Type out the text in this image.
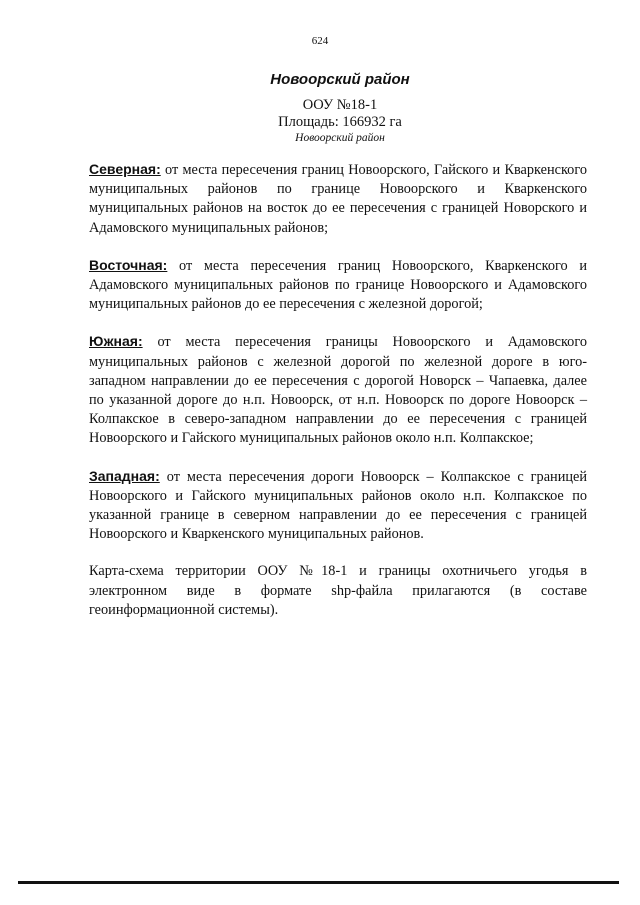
624
Новоорский район
ООУ №18-1
Площадь: 166932 га
Новоорский район

Северная: от места пересечения границ Новоорского, Гайского и Кваркенского муниципальных районов по границе Новоорского и Кваркенского муниципальных районов на восток до ее пересечения с границей Новорского и Адамовского муниципальных районов;

Восточная: от места пересечения границ Новоорского, Кваркенского и Адамовского муниципальных районов по границе Новоорского и Адамовского муниципальных районов до ее пересечения с железной дорогой;

Южная: от места пересечения границы Новоорского и Адамовского муниципальных районов с железной дорогой по железной дороге в юго-западном направлении до ее пересечения с дорогой Новорск – Чапаевка, далее по указанной дороге до н.п. Новоорск, от н.п. Новоорск по дороге Новоорск – Колпакское в северо-западном направлении до ее пересечения с границей Новоорского и Гайского муниципальных районов около н.п. Колпакское;

Западная: от места пересечения дороги Новоорск – Колпакское с границей Новоорского и Гайского муниципальных районов около н.п. Колпакское по указанной границе в северном направлении до ее пересечения с границей Новоорского и Кваркенского муниципальных районов.

Карта-схема территории ООУ №18-1 и границы охотничьего угодья в электронном виде в формате shp-файла прилагаются (в составе геоинформационной системы).
